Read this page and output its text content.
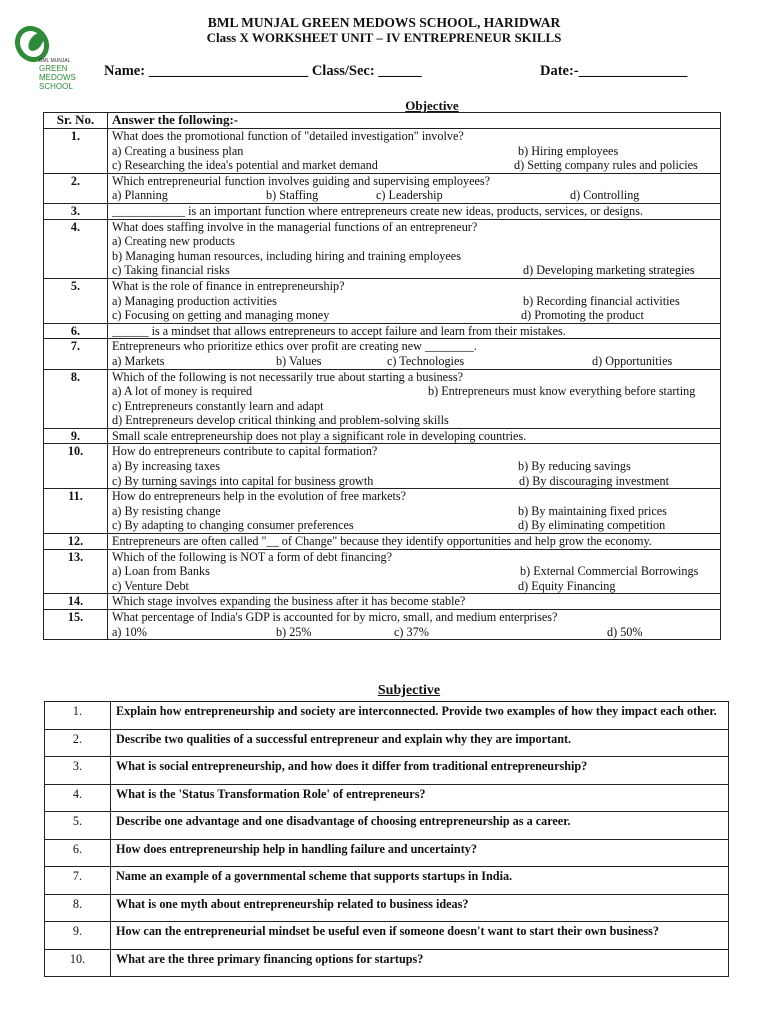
BML MUNJAL
GREEN
MEDOWS
SCHOOL
BML MUNJAL GREEN MEDOWS SCHOOL, HARIDWAR
Class X WORKSHEET UNIT – IV ENTREPRENEUR SKILLS
Name: ______________________ Class/Sec: ______	Date:-_______________
Objective
Sr. No.	Answer the following:-
1.	What does the promotional function of "detailed investigation" involve?
a) Creating a business plan b) Hiring employees
c) Researching the idea's potential and market demand d) Setting company rules and policies

2.	Which entrepreneurial function involves guiding and supervising employees?
a) Planning b) Staffing c) Leadership d) Controlling

3.	____________ is an important function where entrepreneurs create new ideas, products, services, or designs.

4.	What does staffing involve in the managerial functions of an entrepreneur?
a) Creating new products
b) Managing human resources, including hiring and training employees
c) Taking financial risks d) Developing marketing strategies

5.	What is the role of finance in entrepreneurship?
a) Managing production activities b) Recording financial activities
c) Focusing on getting and managing money d) Promoting the product

6.	______ is a mindset that allows entrepreneurs to accept failure and learn from their mistakes.

7.	Entrepreneurs who prioritize ethics over profit are creating new ________.
a) Markets b) Values c) Technologies d) Opportunities

8.	Which of the following is not necessarily true about starting a business?
a) A lot of money is required b) Entrepreneurs must know everything before starting
c) Entrepreneurs constantly learn and adapt
d) Entrepreneurs develop critical thinking and problem-solving skills

9.	Small scale entrepreneurship does not play a significant role in developing countries.

10.	How do entrepreneurs contribute to capital formation?
a) By increasing taxes b) By reducing savings
c) By turning savings into capital for business growth d) By discouraging investment

11.	How do entrepreneurs help in the evolution of free markets?
a) By resisting change b) By maintaining fixed prices
c) By adapting to changing consumer preferences d) By eliminating competition

12.	Entrepreneurs are often called "__ of Change" because they identify opportunities and help grow the economy.

13.	Which of the following is NOT a form of debt financing?
a) Loan from Banks b) External Commercial Borrowings
c) Venture Debt d) Equity Financing

14.	Which stage involves expanding the business after it has become stable?

15.	What percentage of India's GDP is accounted for by micro, small, and medium enterprises?
a) 10% b) 25% c) 37% d) 50%
Subjective
1.	Explain how entrepreneurship and society are interconnected. Provide two examples of how they impact each other.
2.	Describe two qualities of a successful entrepreneur and explain why they are important.
3.	What is social entrepreneurship, and how does it differ from traditional entrepreneurship?
4.	What is the 'Status Transformation Role' of entrepreneurs?
5.	Describe one advantage and one disadvantage of choosing entrepreneurship as a career.
6.	How does entrepreneurship help in handling failure and uncertainty?
7.	Name an example of a governmental scheme that supports startups in India.
8.	What is one myth about entrepreneurship related to business ideas?
9.	How can the entrepreneurial mindset be useful even if someone doesn't want to start their own business?
10.	What are the three primary financing options for startups?
